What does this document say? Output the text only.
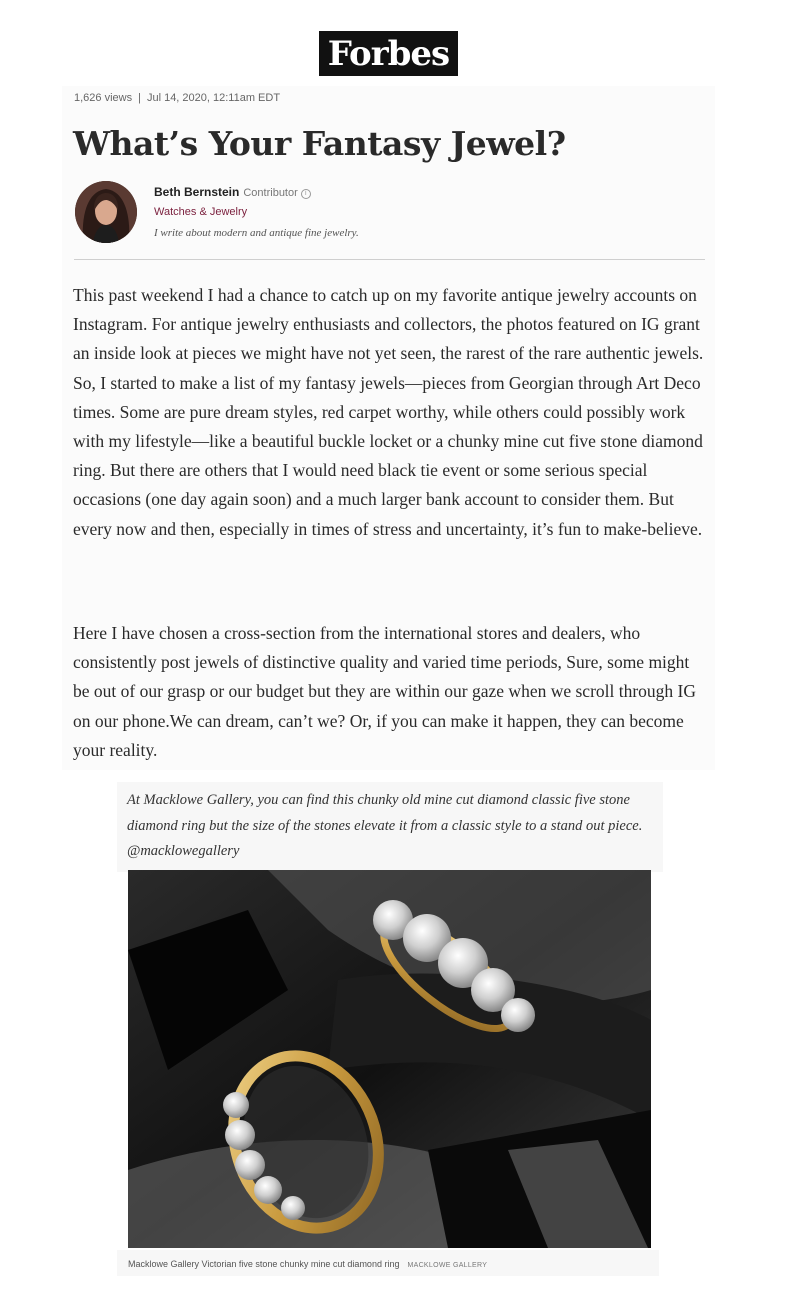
Forbes
1,626 views | Jul 14, 2020, 12:11am EDT
What’s Your Fantasy Jewel?
Beth Bernstein Contributor i
Watches & Jewelry
I write about modern and antique fine jewelry.

This past weekend I had a chance to catch up on my favorite antique jewelry accounts on Instagram. For antique jewelry enthusiasts and collectors, the photos featured on IG grant an inside look at pieces we might have not yet seen, the rarest of the rare authentic jewels. So, I started to make a list of my fantasy jewels—pieces from Georgian through Art Deco times. Some are pure dream styles, red carpet worthy, while others could possibly work with my lifestyle—like a beautiful buckle locket or a chunky mine cut five stone diamond ring. But there are others that I would need black tie event or some serious special occasions (one day again soon) and a much larger bank account to consider them. But every now and then, especially in times of stress and uncertainty, it’s fun to make-believe.

Here I have chosen a cross-section from the international stores and dealers, who consistently post jewels of distinctive quality and varied time periods, Sure, some might be out of our grasp or our budget but they are within our gaze when we scroll through IG on our phone.We can dream, can’t we? Or, if you can make it happen, they can become your reality.

At Macklowe Gallery, you can find this chunky old mine cut diamond classic five stone diamond ring but the size of the stones elevate it from a classic style to a stand out piece. @macklowegallery

Macklowe Gallery Victorian five stone chunky mine cut diamond ring MACKLOWE GALLERY
